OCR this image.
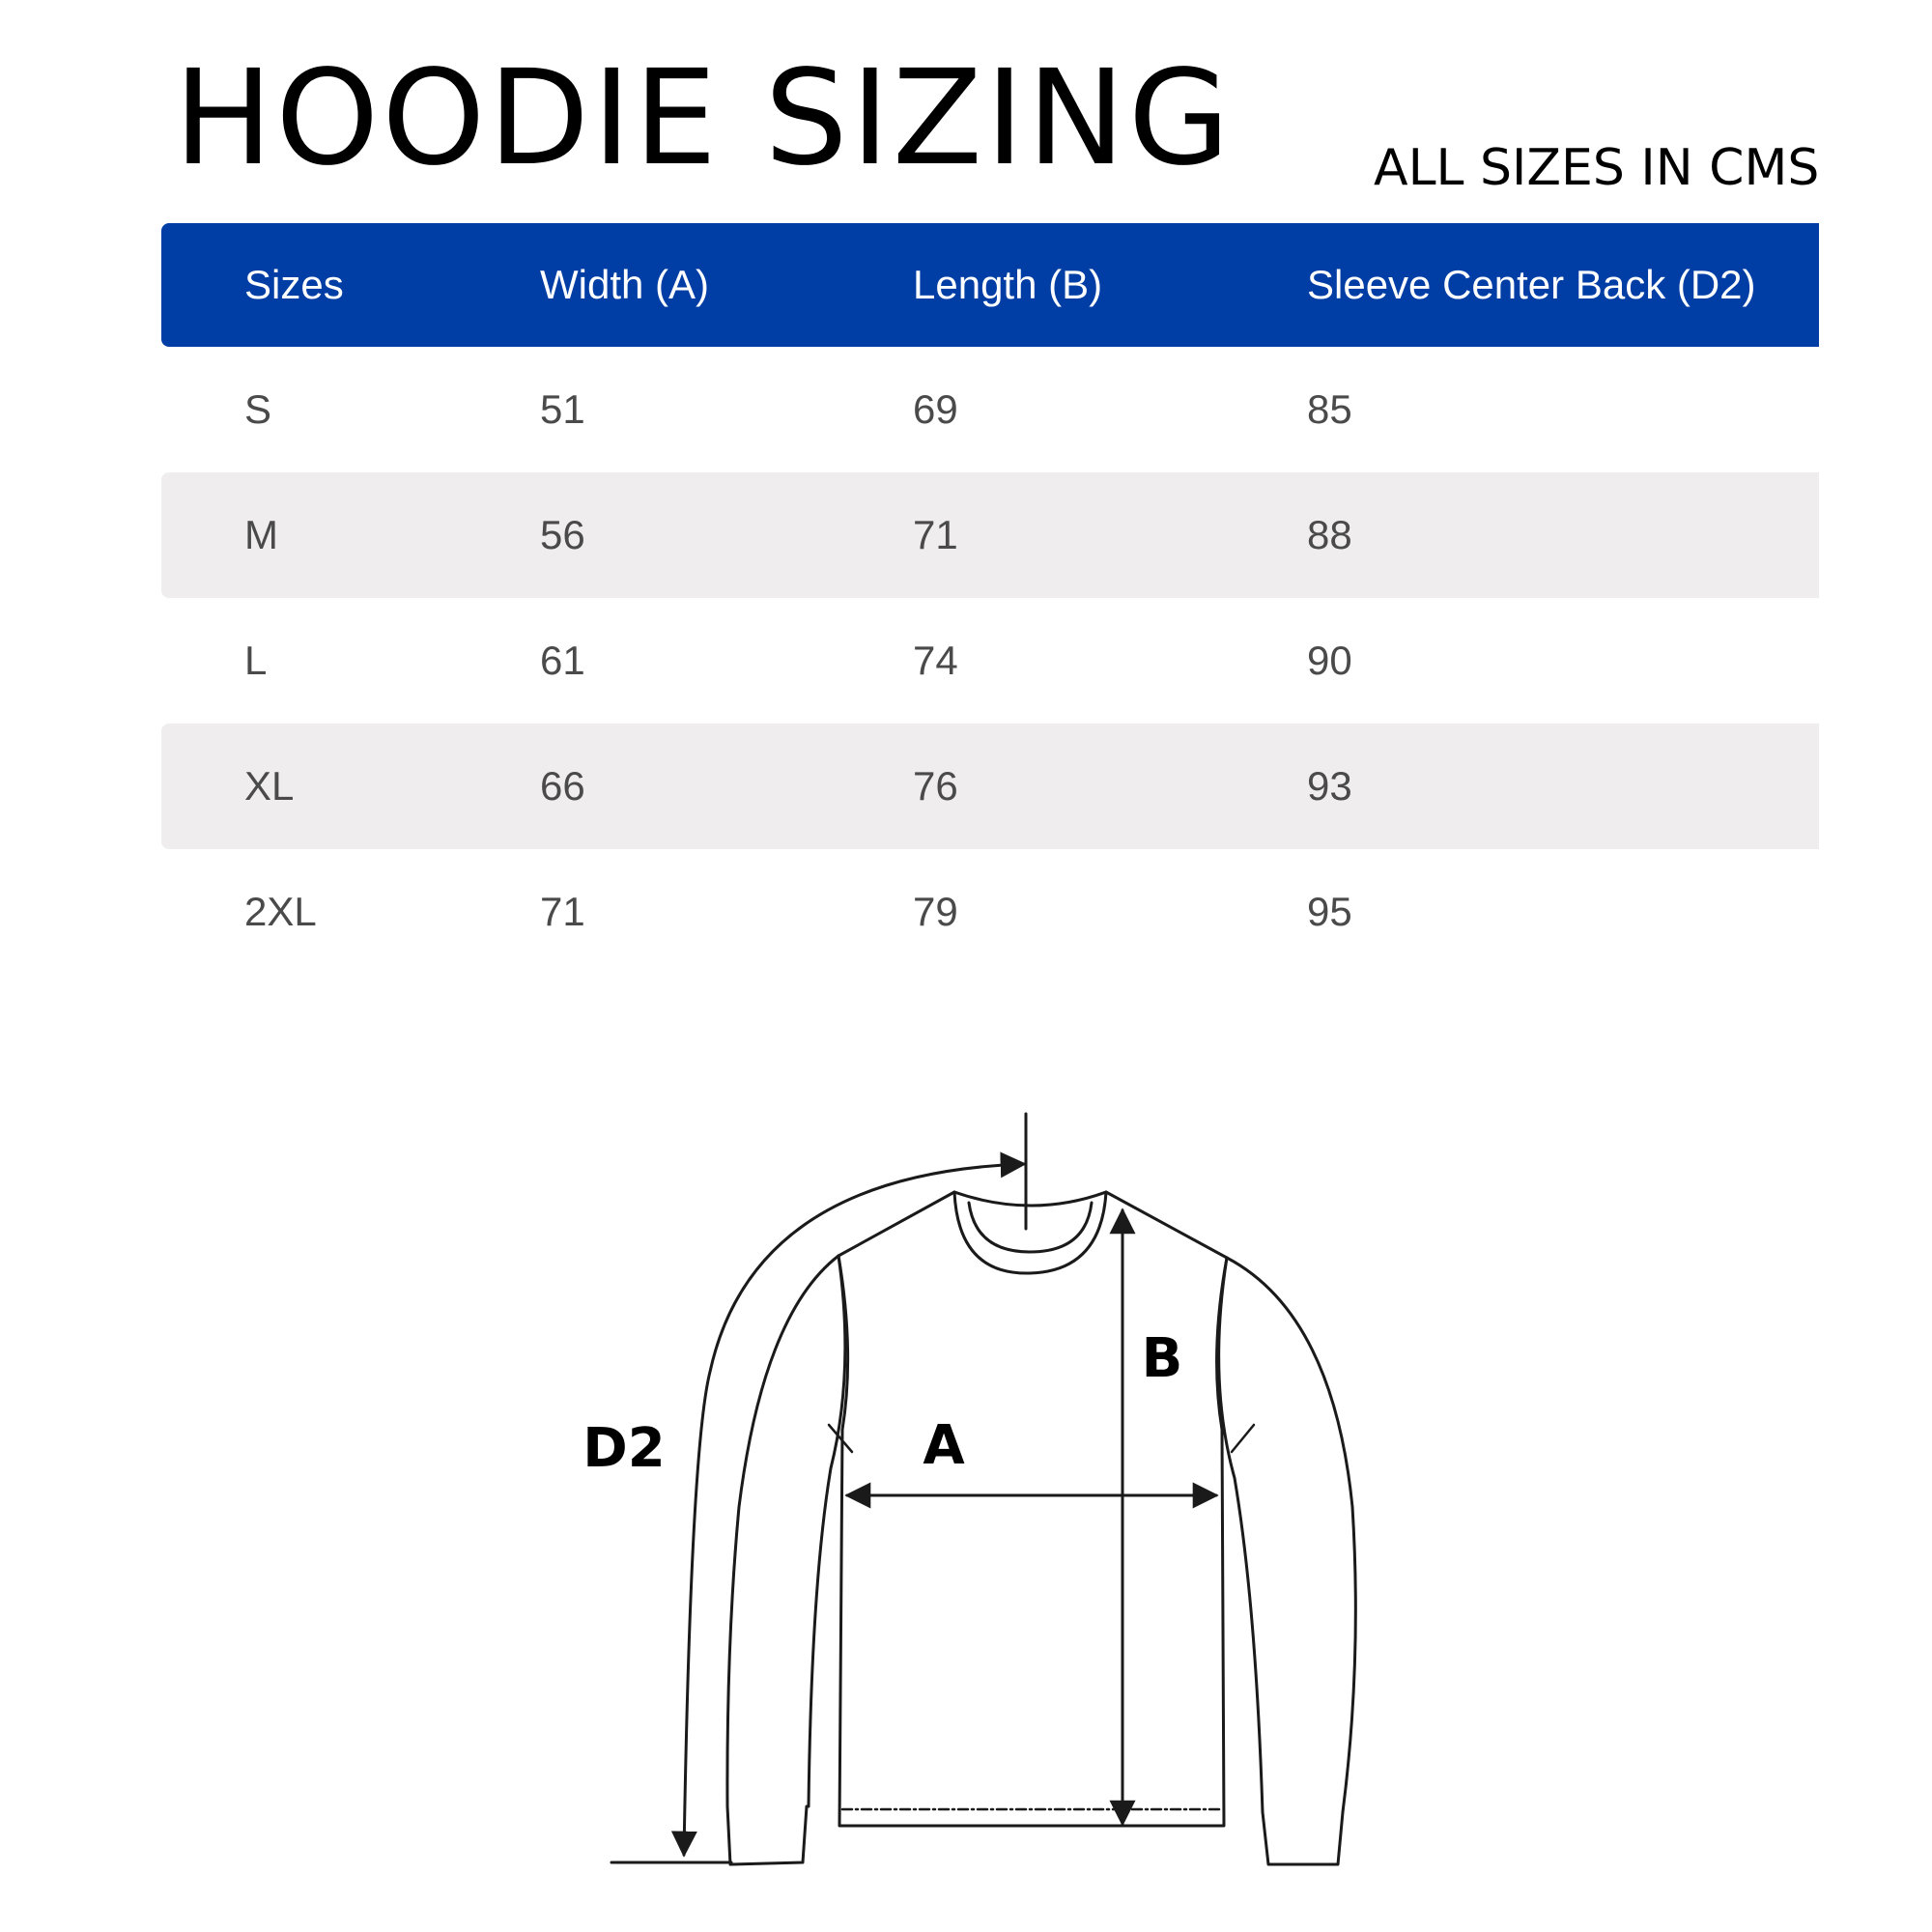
HOODIE SIZING	ALL SIZES IN CMS
Sizes	Width (A)	Length (B)	Sleeve Center Back (D2)
S	51	69	85
M	56	71	88
L	61	74	90
XL	66	76	93
2XL	71	79	95
A
B
D2
